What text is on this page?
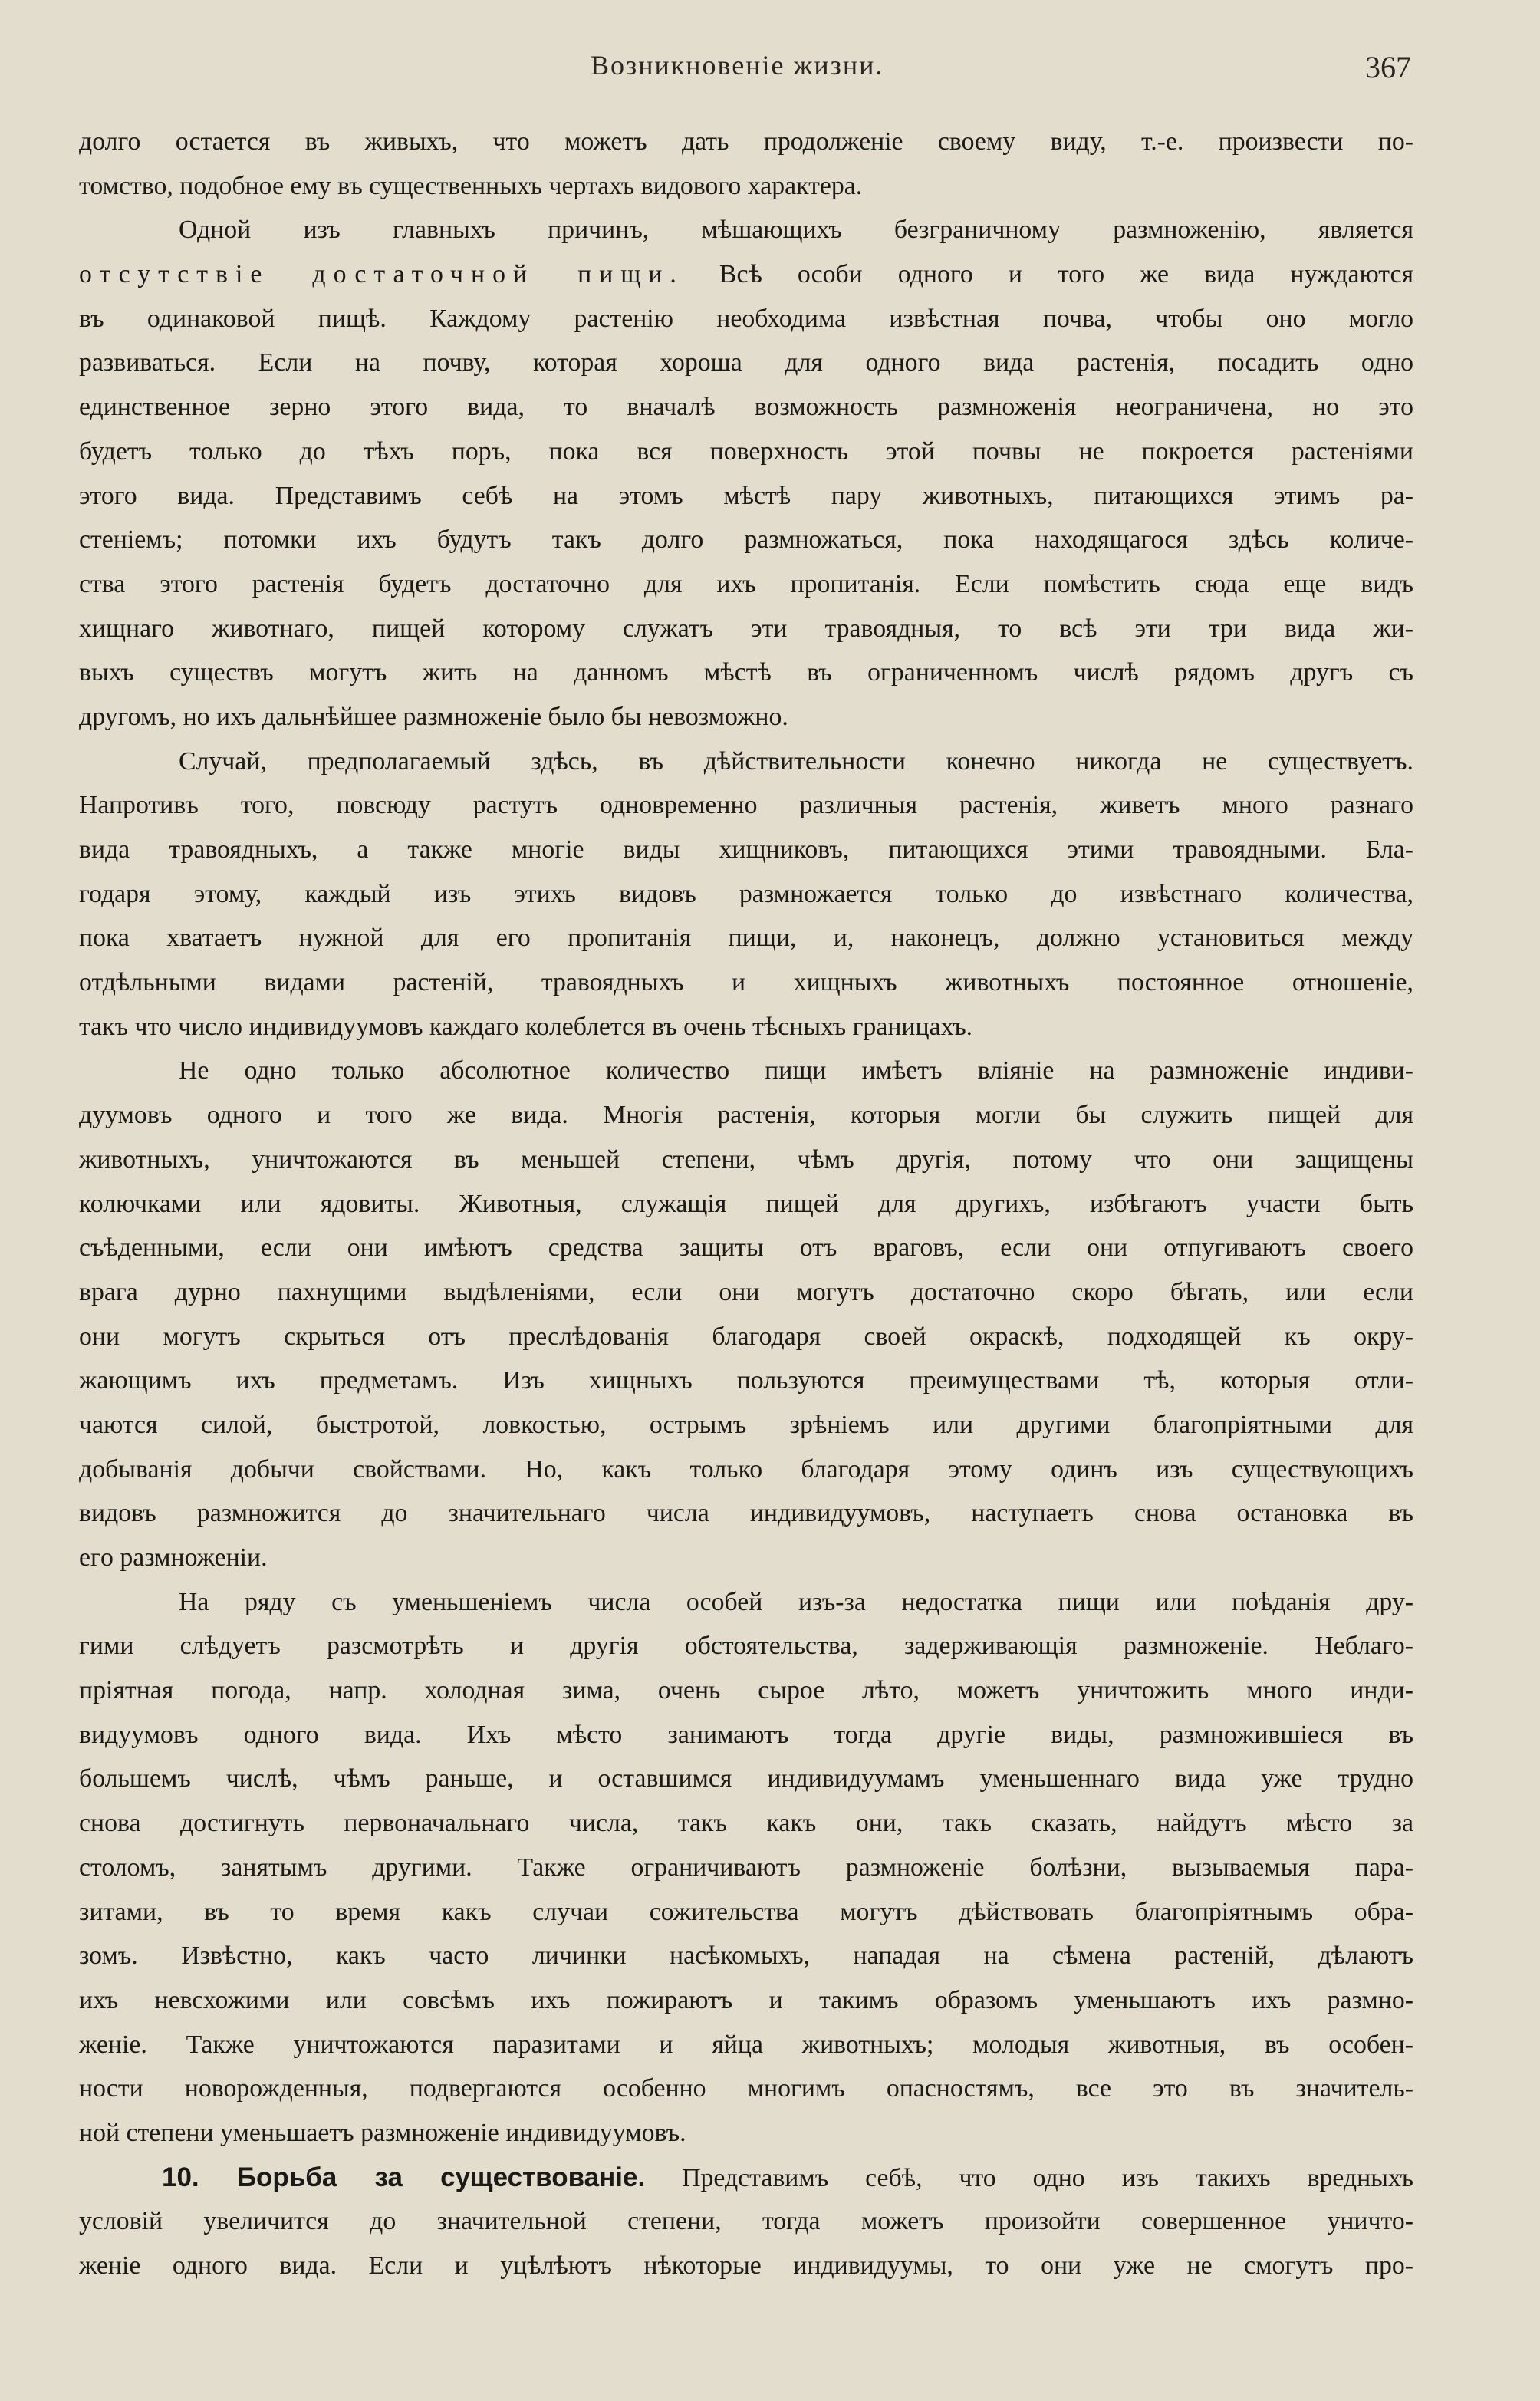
Возникновеніе жизни.	367
долго остается въ живыхъ, что можетъ дать продолженіе своему виду, т.-е. произвести по-
томство, подобное ему въ существенныхъ чертахъ видового характера.
Одной изъ главныхъ причинъ, мѣшающихъ безграничному размноженію, является
отсутствіе достаточной пищи. Всѣ особи одного и того же вида нуждаются
въ одинаковой пищѣ. Каждому растенію необходима извѣстная почва, чтобы оно могло
развиваться. Если на почву, которая хороша для одного вида растенія, посадить одно
единственное зерно этого вида, то вначалѣ возможность размноженія неограничена, но это
будетъ только до тѣхъ поръ, пока вся поверхность этой почвы не покроется растеніями
этого вида. Представимъ себѣ на этомъ мѣстѣ пару животныхъ, питающихся этимъ ра-
стеніемъ; потомки ихъ будутъ такъ долго размножаться, пока находящагося здѣсь количе-
ства этого растенія будетъ достаточно для ихъ пропитанія. Если помѣстить сюда еще видъ
хищнаго животнаго, пищей которому служатъ эти травоядныя, то всѣ эти три вида жи-
выхъ существъ могутъ жить на данномъ мѣстѣ въ ограниченномъ числѣ рядомъ другъ съ
другомъ, но ихъ дальнѣйшее размноженіе было бы невозможно.
Случай, предполагаемый здѣсь, въ дѣйствительности конечно никогда не существуетъ.
Напротивъ того, повсюду растутъ одновременно различныя растенія, живетъ много разнаго
вида травоядныхъ, а также многіе виды хищниковъ, питающихся этими травоядными. Бла-
годаря этому, каждый изъ этихъ видовъ размножается только до извѣстнаго количества,
пока хватаетъ нужной для его пропитанія пищи, и, наконецъ, должно установиться между
отдѣльными видами растеній, травоядныхъ и хищныхъ животныхъ постоянное отношеніе,
такъ что число индивидуумовъ каждаго колеблется въ очень тѣсныхъ границахъ.
Не одно только абсолютное количество пищи имѣетъ вліяніе на размноженіе индиви-
дуумовъ одного и того же вида. Многія растенія, которыя могли бы служить пищей для
животныхъ, уничтожаются въ меньшей степени, чѣмъ другія, потому что они защищены
колючками или ядовиты. Животныя, служащія пищей для другихъ, избѣгаютъ участи быть
съѣденными, если они имѣютъ средства защиты отъ враговъ, если они отпугиваютъ своего
врага дурно пахнущими выдѣленіями, если они могутъ достаточно скоро бѣгать, или если
они могутъ скрыться отъ преслѣдованія благодаря своей окраскѣ, подходящей къ окру-
жающимъ ихъ предметамъ. Изъ хищныхъ пользуются преимуществами тѣ, которыя отли-
чаются силой, быстротой, ловкостью, острымъ зрѣніемъ или другими благопріятными для
добыванія добычи свойствами. Но, какъ только благодаря этому одинъ изъ существующихъ
видовъ размножится до значительнаго числа индивидуумовъ, наступаетъ снова остановка въ
его размноженіи.
На ряду съ уменьшеніемъ числа особей изъ-за недостатка пищи или поѣданія дру-
гими слѣдуетъ разсмотрѣть и другія обстоятельства, задерживающія размноженіе. Неблаго-
пріятная погода, напр. холодная зима, очень сырое лѣто, можетъ уничтожить много инди-
видуумовъ одного вида. Ихъ мѣсто занимаютъ тогда другіе виды, размножившіеся въ
большемъ числѣ, чѣмъ раньше, и оставшимся индивидуумамъ уменьшеннаго вида уже трудно
снова достигнуть первоначальнаго числа, такъ какъ они, такъ сказать, найдутъ мѣсто за
столомъ, занятымъ другими. Также ограничиваютъ размноженіе болѣзни, вызываемыя пара-
зитами, въ то время какъ случаи сожительства могутъ дѣйствовать благопріятнымъ обра-
зомъ. Извѣстно, какъ часто личинки насѣкомыхъ, нападая на сѣмена растеній, дѣлаютъ
ихъ невсхожими или совсѣмъ ихъ пожираютъ и такимъ образомъ уменьшаютъ ихъ размно-
женіе. Также уничтожаются паразитами и яйца животныхъ; молодыя животныя, въ особен-
ности новорожденныя, подвергаются особенно многимъ опасностямъ, все это въ значитель-
ной степени уменьшаетъ размноженіе индивидуумовъ.
10. Борьба за существованіе. Представимъ себѣ, что одно изъ такихъ вредныхъ
условій увеличится до значительной степени, тогда можетъ произойти совершенное уничто-
женіе одного вида. Если и уцѣлѣютъ нѣкоторые индивидуумы, то они уже не смогутъ про-
